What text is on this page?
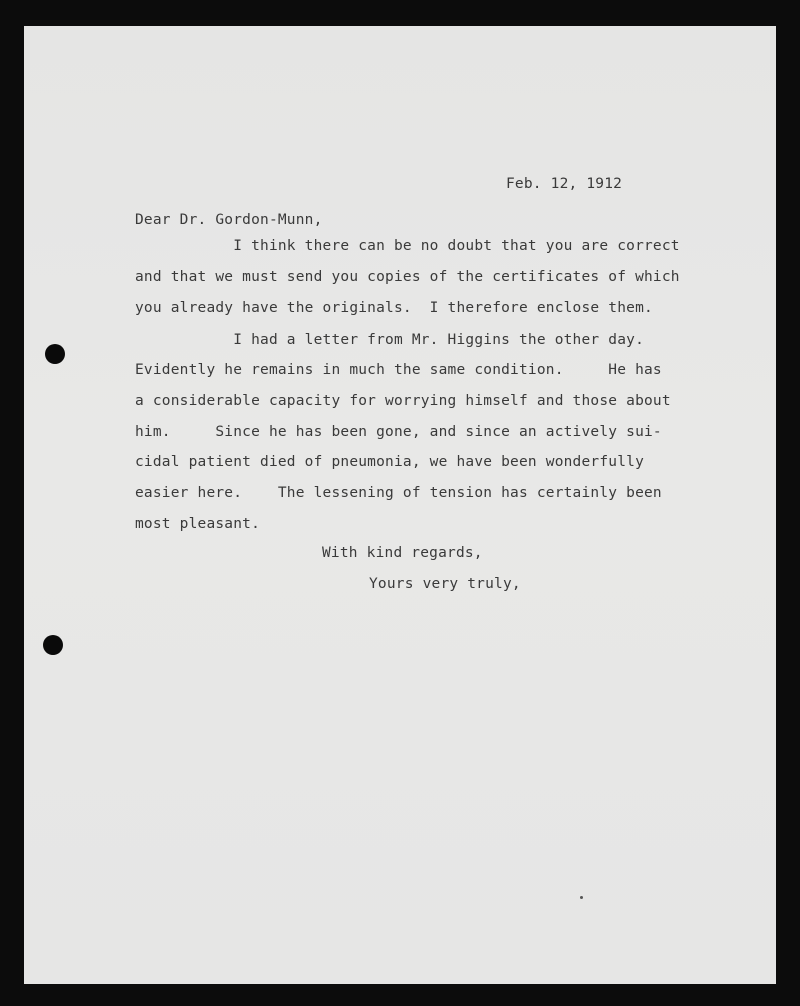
Feb. 12, 1912
Dear Dr. Gordon-Munn,
I think there can be no doubt that you are correct
and that we must send you copies of the certificates of which
you already have the originals.  I therefore enclose them.
I had a letter from Mr. Higgins the other day.
Evidently he remains in much the same condition.     He has
a considerable capacity for worrying himself and those about
him.     Since he has been gone, and since an actively sui-
cidal patient died of pneumonia, we have been wonderfully
easier here.    The lessening of tension has certainly been
most pleasant.
With kind regards,
Yours very truly,
